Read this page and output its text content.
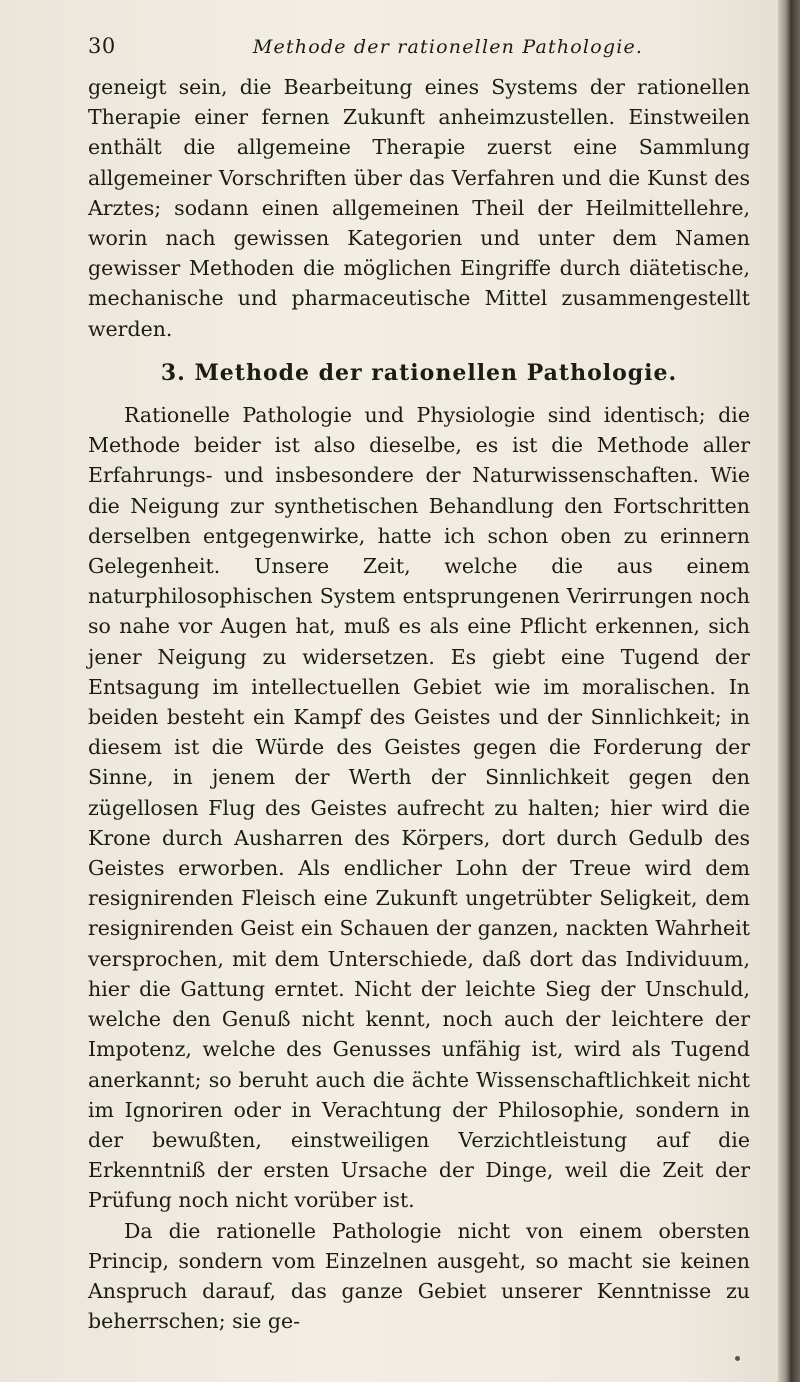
30	Methode der rationellen Pathologie.

geneigt sein, die Bearbeitung eines Systems der rationellen Therapie einer fernen Zukunft anheimzustellen. Einstweilen enthält die allgemeine Therapie zuerst eine Sammlung allgemeiner Vorschriften über das Verfahren und die Kunst des Arztes; sodann einen allgemeinen Theil der Heilmittellehre, worin nach gewissen Kategorien und unter dem Namen gewisser Methoden die möglichen Eingriffe durch diätetische, mechanische und pharmaceutische Mittel zusammengestellt werden.

3. Methode der rationellen Pathologie.

Rationelle Pathologie und Physiologie sind identisch; die Methode beider ist also dieselbe, es ist die Methode aller Erfahrungs- und insbesondere der Naturwissenschaften. Wie die Neigung zur synthetischen Behandlung den Fortschritten derselben entgegenwirke, hatte ich schon oben zu erinnern Gelegenheit. Unsere Zeit, welche die aus einem naturphilosophischen System entsprungenen Verirrungen noch so nahe vor Augen hat, muß es als eine Pflicht erkennen, sich jener Neigung zu widersetzen. Es giebt eine Tugend der Entsagung im intellectuellen Gebiet wie im moralischen. In beiden besteht ein Kampf des Geistes und der Sinnlichkeit; in diesem ist die Würde des Geistes gegen die Forderung der Sinne, in jenem der Werth der Sinnlichkeit gegen den zügellosen Flug des Geistes aufrecht zu halten; hier wird die Krone durch Ausharren des Körpers, dort durch Gedulb des Geistes erworben. Als endlicher Lohn der Treue wird dem resignirenden Fleisch eine Zukunft ungetrübter Seligkeit, dem resignirenden Geist ein Schauen der ganzen, nackten Wahrheit versprochen, mit dem Unterschiede, daß dort das Individuum, hier die Gattung erntet. Nicht der leichte Sieg der Unschuld, welche den Genuß nicht kennt, noch auch der leichtere der Impotenz, welche des Genusses unfähig ist, wird als Tugend anerkannt; so beruht auch die ächte Wissenschaftlichkeit nicht im Ignoriren oder in Verachtung der Philosophie, sondern in der bewußten, einstweiligen Verzichtleistung auf die Erkenntniß der ersten Ursache der Dinge, weil die Zeit der Prüfung noch nicht vorüber ist.

Da die rationelle Pathologie nicht von einem obersten Princip, sondern vom Einzelnen ausgeht, so macht sie keinen Anspruch darauf, das ganze Gebiet unserer Kenntnisse zu beherrschen; sie ge-
